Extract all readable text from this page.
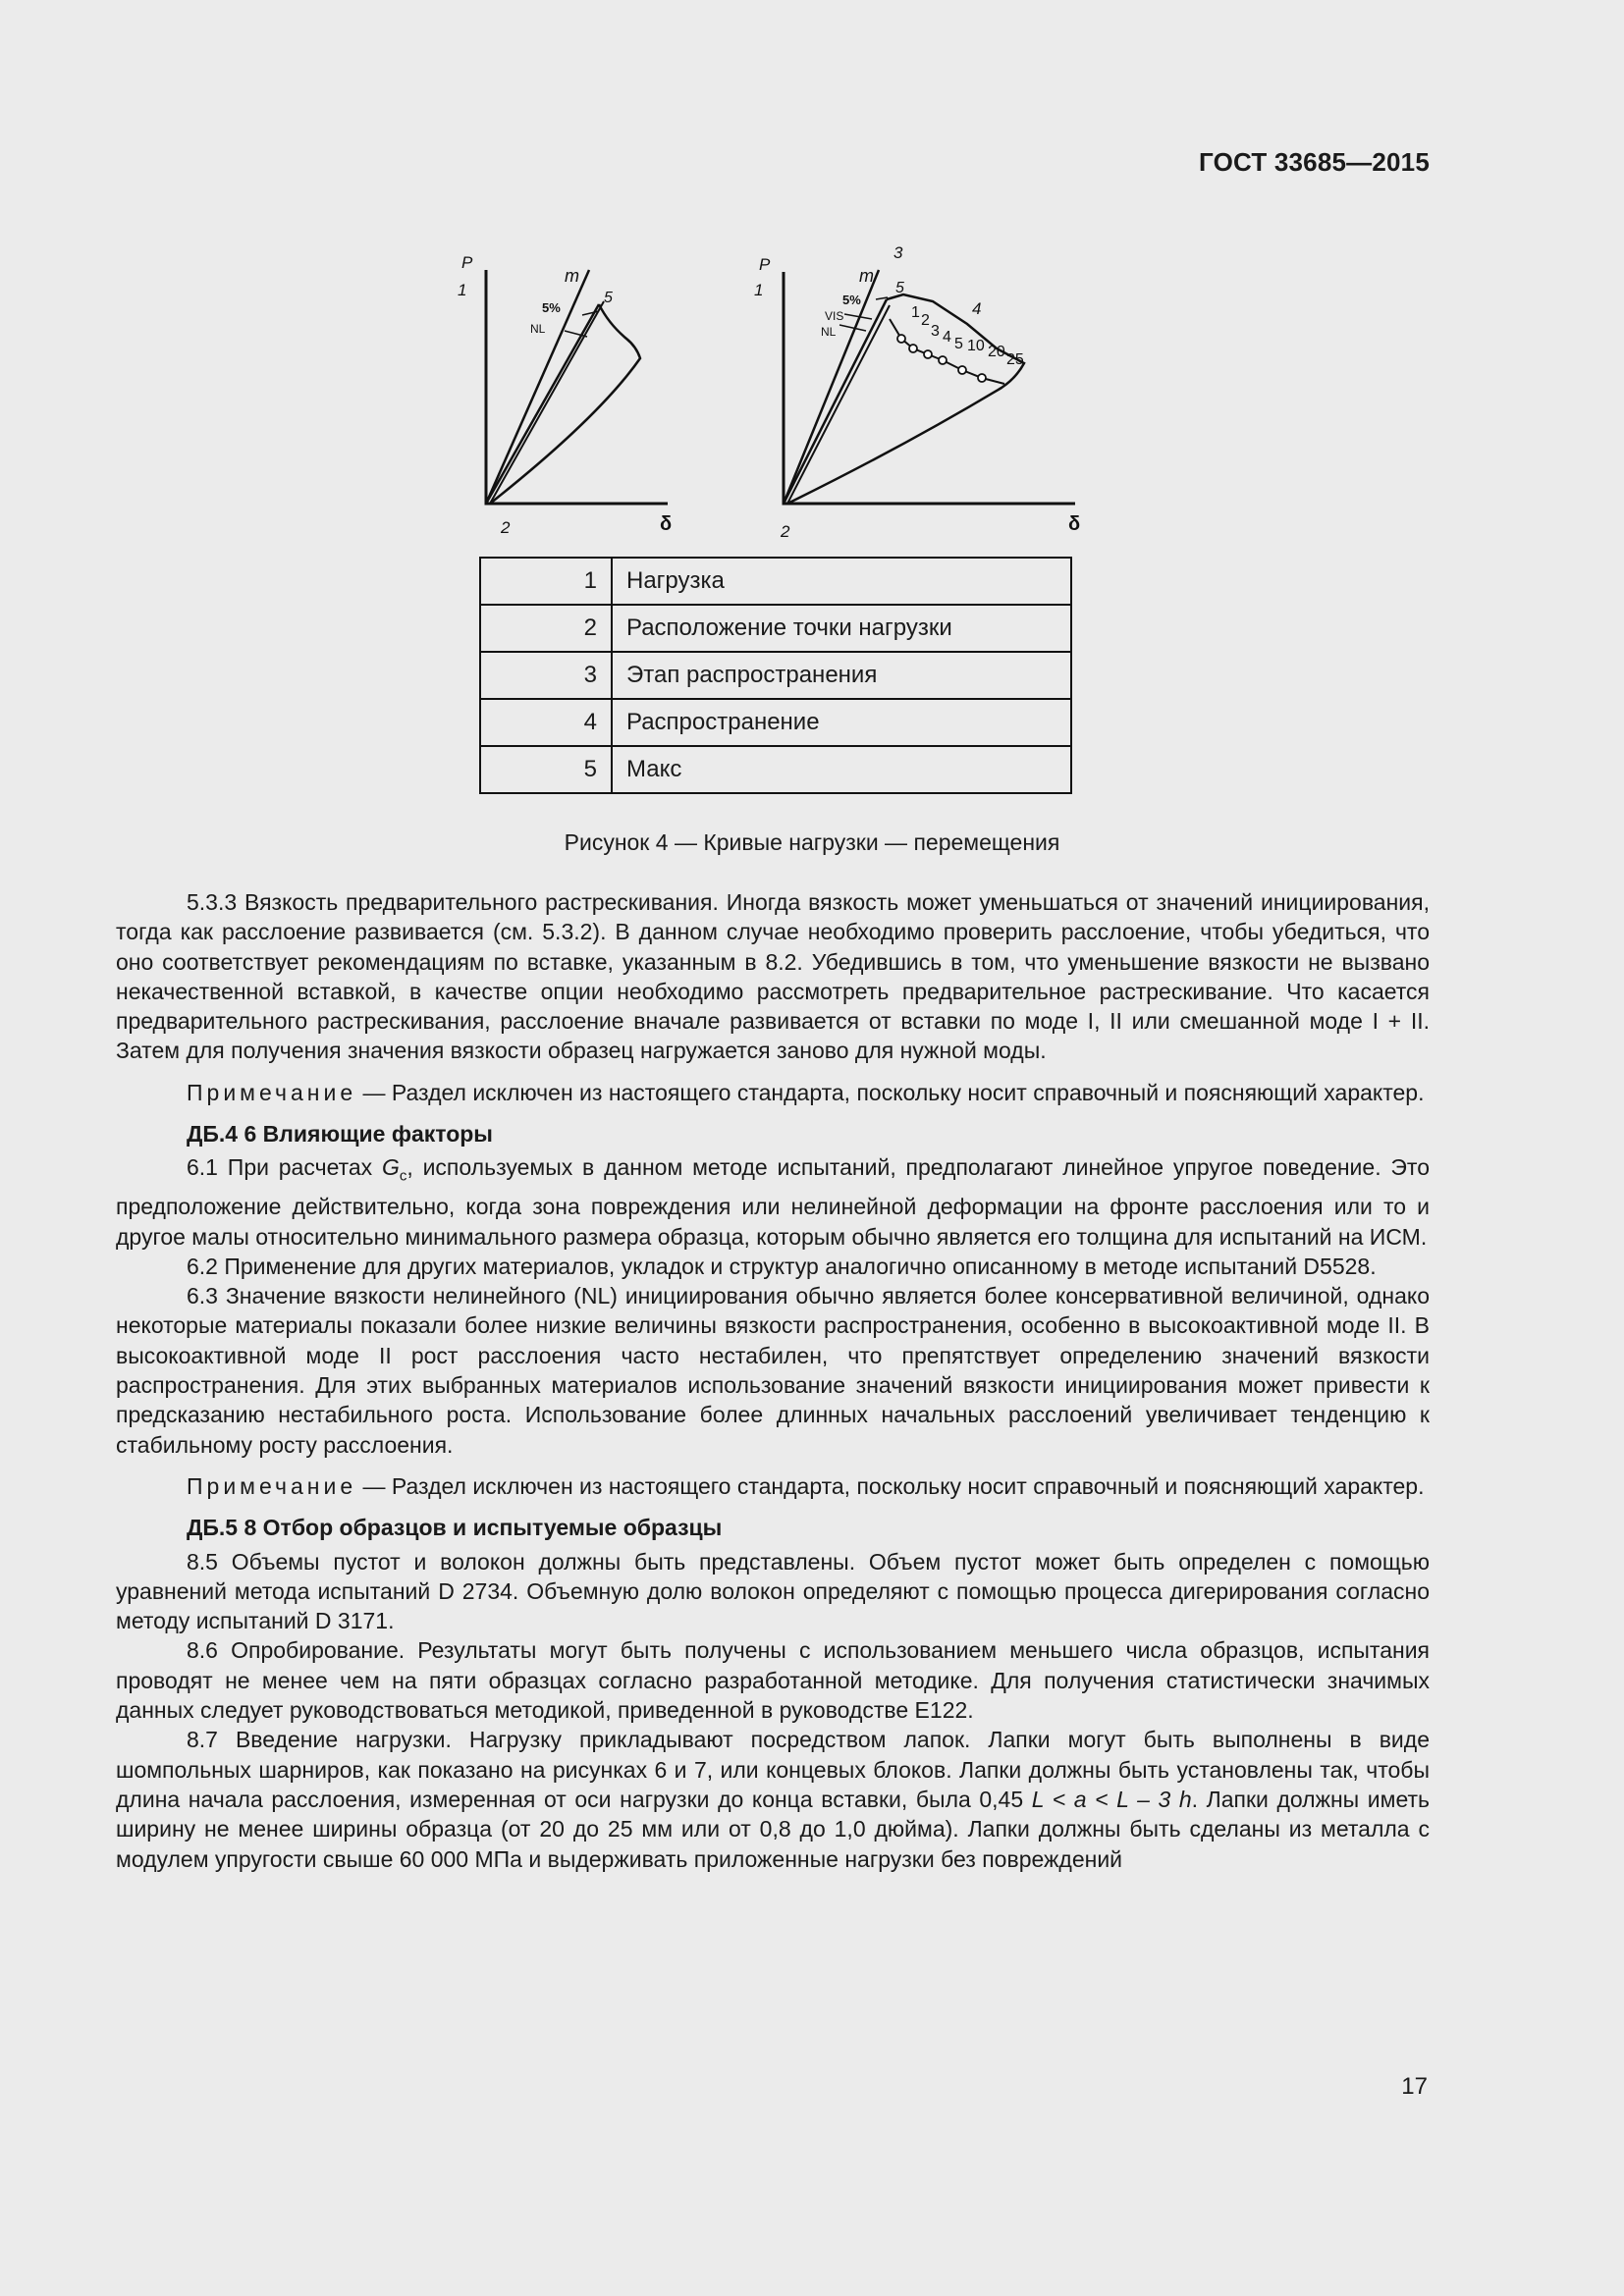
ГОСТ 33685—2015
P
1
2	δ
m
5%
NL
5
P
1
2	δ
3
m
5%
VIS
NL
5
4
1 2
3 4 5 10 20 25
1	Нагрузка
2	Расположение точки нагрузки
3	Этап распространения
4	Распространение
5	Макс
Рисунок 4 — Кривые нагрузки — перемещения

5.3.3 Вязкость предварительного растрескивания. Иногда вязкость может уменьшаться от значений инициирования, тогда как расслоение развивается (см. 5.3.2). В данном случае необходимо проверить расслоение, чтобы убедиться, что оно соответствует рекомендациям по вставке, указанным в 8.2. Убедившись в том, что уменьшение вязкости не вызвано некачественной вставкой, в качестве опции необходимо рассмотреть предварительное растрескивание. Что касается предварительного растрескивания, расслоение вначале развивается от вставки по моде I, II или смешанной моде I + II. Затем для получения значения вязкости образец нагружается заново для нужной моды.

Примечание — Раздел исключен из настоящего стандарта, поскольку носит справочный и поясняющий характер.

ДБ.4 6 Влияющие факторы

6.1 При расчетах $G_c$, используемых в данном методе испытаний, предполагают линейное упругое поведение. Это предположение действительно, когда зона повреждения или нелинейной деформации на фронте расслоения или то и другое малы относительно минимального размера образца, которым обычно является его толщина для испытаний на ИСМ.

6.2 Применение для других материалов, укладок и структур аналогично описанному в методе испытаний D5528.

6.3 Значение вязкости нелинейного (NL) инициирования обычно является более консервативной величиной, однако некоторые материалы показали более низкие величины вязкости распространения, особенно в высокоактивной моде II. В высокоактивной моде II рост расслоения часто нестабилен, что препятствует определению значений вязкости распространения. Для этих выбранных материалов использование значений вязкости инициирования может привести к предсказанию нестабильного роста. Использование более длинных начальных расслоений увеличивает тенденцию к стабильному росту расслоения.

Примечание — Раздел исключен из настоящего стандарта, поскольку носит справочный и поясняющий характер.

ДБ.5 8 Отбор образцов и испытуемые образцы

8.5 Объемы пустот и волокон должны быть представлены. Объем пустот может быть определен с помощью уравнений метода испытаний D 2734. Объемную долю волокон определяют с помощью процесса дигерирования согласно методу испытаний D 3171.

8.6 Опробирование. Результаты могут быть получены с использованием меньшего числа образцов, испытания проводят не менее чем на пяти образцах согласно разработанной методике. Для получения статистически значимых данных следует руководствоваться методикой, приведенной в руководстве E122.

8.7 Введение нагрузки. Нагрузку прикладывают посредством лапок. Лапки могут быть выполнены в виде шомпольных шарниров, как показано на рисунках 6 и 7, или концевых блоков. Лапки должны быть установлены так, чтобы длина начала расслоения, измеренная от оси нагрузки до конца вставки, была 0,45 L < a < L – 3 h. Лапки должны иметь ширину не менее ширины образца (от 20 до 25 мм или от 0,8 до 1,0 дюйма). Лапки должны быть сделаны из металла с модулем упругости свыше 60 000 МПа и выдерживать приложенные нагрузки без повреждений

17
